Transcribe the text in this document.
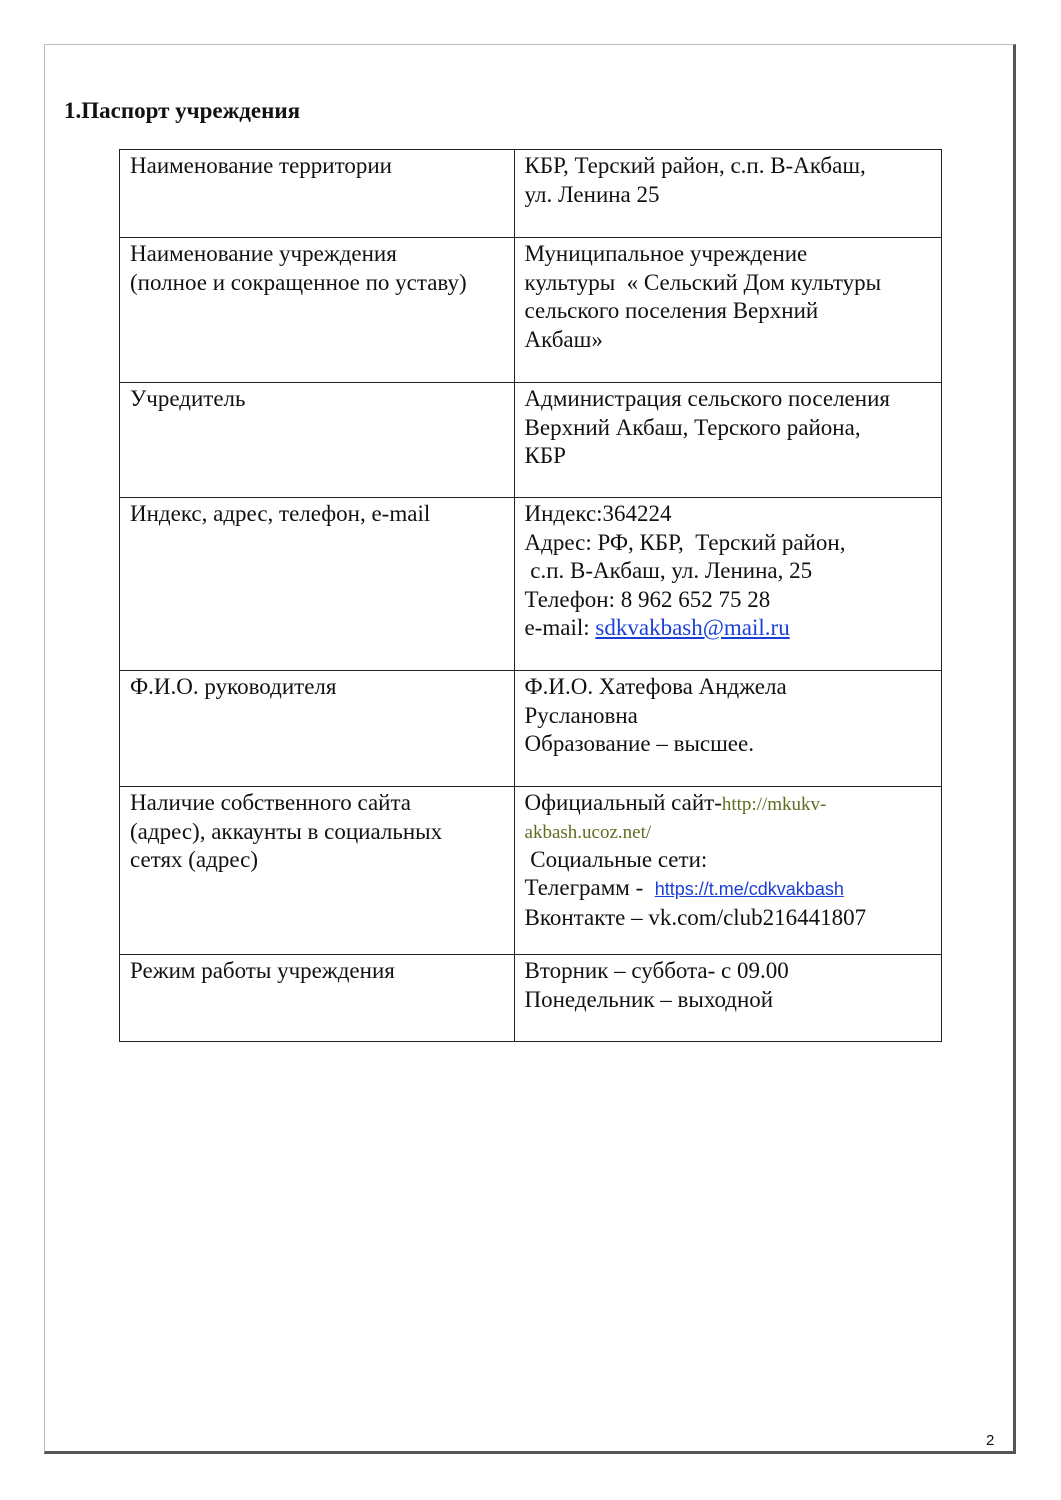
1.Паспорт учреждения
Наименование территории	КБР, Терский район, с.п. В-Акбаш,
ул. Ленина 25

Наименование учреждения
(полное и сокращенное по уставу)	Муниципальное учреждение
культуры  « Сельский Дом культуры
сельского поселения Верхний
Акбаш»

Учредитель	Администрация сельского поселения
Верхний Акбаш, Терского района,
КБР

Индекс, адрес, телефон, e-mail	Индекс:364224
Адрес: РФ, КБР,  Терский район,
с.п. В-Акбаш, ул. Ленина, 25
Телефон: 8 962 652 75 28
e-mail: sdkvakbash@mail.ru

Ф.И.О. руководителя	Ф.И.О. Хатефова Анджела
Руслановна
Образование – высшее.

Наличие собственного сайта
(адрес), аккаунты в социальных
сетях (адрес)	Официальный сайт-http://mkukv-
akbash.ucoz.net/
Социальные сети:
Телеграмм -  https://t.me/cdkvakbash
Вконтакте – vk.com/club216441807

Режим работы учреждения	Вторник – суббота- с 09.00
Понедельник – выходной
2
